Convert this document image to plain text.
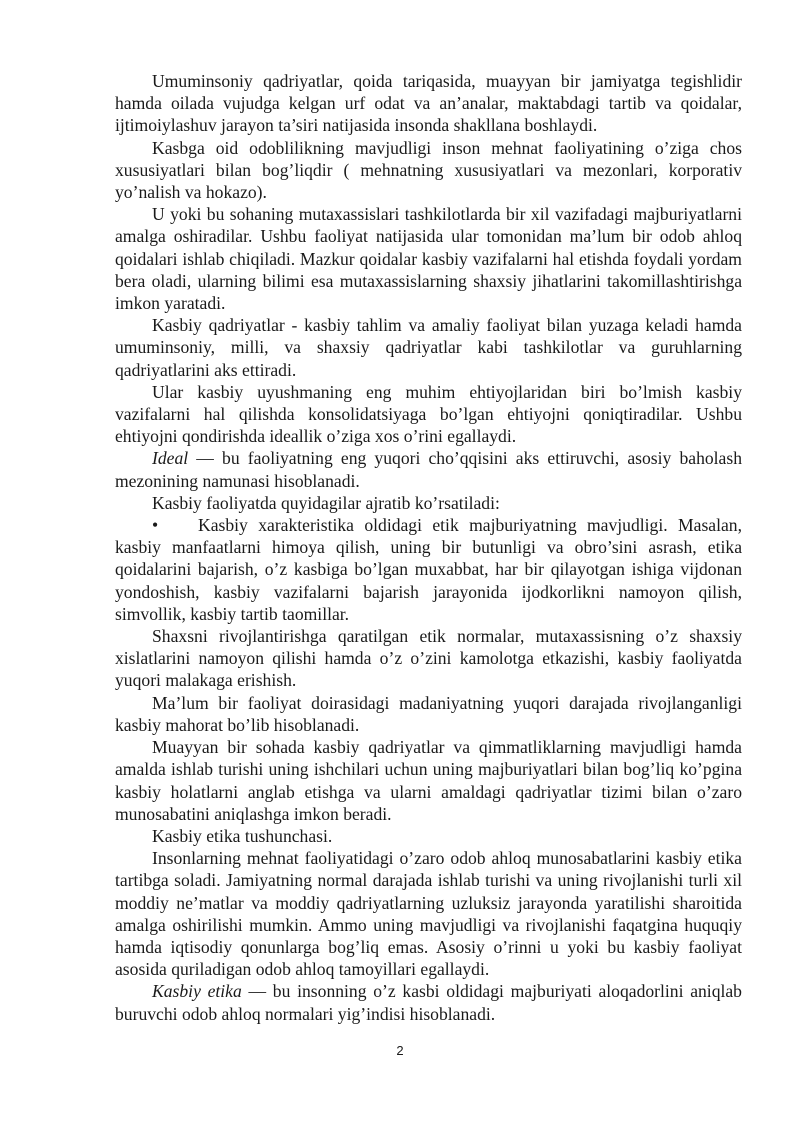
Umuminsoniy qadriyatlar, qoida tariqasida, muayyan bir jamiyatga tegishlidir hamda oilada vujudga kelgan urf odat va an’analar, maktabdagi tartib va qoidalar, ijtimoiylashuv jarayon ta’siri natijasida insonda shakllana boshlaydi.

Kasbga oid odoblilikning mavjudligi inson mehnat faoliyatining o’ziga chos xususiyatlari bilan bog’liqdir ( mehnatning xususiyatlari va mezonlari, korporativ yo’nalish va hokazo).

U yoki bu sohaning mutaxassislari tashkilotlarda bir xil vazifadagi majburiyatlarni amalga oshiradilar. Ushbu faoliyat natijasida ular tomonidan ma’lum bir odob ahloq qoidalari ishlab chiqiladi. Mazkur qoidalar kasbiy vazifalarni hal etishda foydali yordam bera oladi, ularning bilimi esa mutaxassislarning shaxsiy jihatlarini takomillashtirishga imkon yaratadi.

Kasbiy qadriyatlar - kasbiy tahlim va amaliy faoliyat bilan yuzaga keladi hamda umuminsoniy, milli, va shaxsiy qadriyatlar kabi tashkilotlar va guruhlarning qadriyatlarini aks ettiradi.

Ular kasbiy uyushmaning eng muhim ehtiyojlaridan biri bo’lmish kasbiy vazifalarni hal qilishda konsolidatsiyaga bo’lgan ehtiyojni qoniqtiradilar. Ushbu ehtiyojni qondirishda ideallik o’ziga xos o’rini egallaydi.

Ideal — bu faoliyatning eng yuqori cho’qqisini aks ettiruvchi, asosiy baholash mezonining namunasi hisoblanadi.

Kasbiy faoliyatda quyidagilar ajratib ko’rsatiladi:

• Kasbiy xarakteristika oldidagi etik majburiyatning mavjudligi. Masalan, kasbiy manfaatlarni himoya qilish, uning bir butunligi va obro’sini asrash, etika qoidalarini bajarish, o’z kasbiga bo’lgan muxabbat, har bir qilayotgan ishiga vijdonan yondoshish, kasbiy vazifalarni bajarish jarayonida ijodkorlikni namoyon qilish, simvollik, kasbiy tartib taomillar.

Shaxsni rivojlantirishga qaratilgan etik normalar, mutaxassisning o’z shaxsiy xislatlarini namoyon qilishi hamda o’z o’zini kamolotga etkazishi, kasbiy faoliyatda yuqori malakaga erishish.

Ma’lum bir faoliyat doirasidagi madaniyatning yuqori darajada rivojlanganligi kasbiy mahorat bo’lib hisoblanadi.

Muayyan bir sohada kasbiy qadriyatlar va qimmatliklarning mavjudligi hamda amalda ishlab turishi uning ishchilari uchun uning majburiyatlari bilan bog’liq ko’pgina kasbiy holatlarni anglab etishga va ularni amaldagi qadriyatlar tizimi bilan o’zaro munosabatini aniqlashga imkon beradi.

Kasbiy etika tushunchasi.

Insonlarning mehnat faoliyatidagi o’zaro odob ahloq munosabatlarini kasbiy etika tartibga soladi. Jamiyatning normal darajada ishlab turishi va uning rivojlanishi turli xil moddiy ne’matlar va moddiy qadriyatlarning uzluksiz jarayonda yaratilishi sharoitida amalga oshirilishi mumkin. Ammo uning mavjudligi va rivojlanishi faqatgina huquqiy hamda iqtisodiy qonunlarga bog’liq emas. Asosiy o’rinni u yoki bu kasbiy faoliyat asosida quriladigan odob ahloq tamoyillari egallaydi.

Kasbiy etika — bu insonning o’z kasbi oldidagi majburiyati aloqadorlini aniqlab buruvchi odob ahloq normalari yig’indisi hisoblanadi.

2
